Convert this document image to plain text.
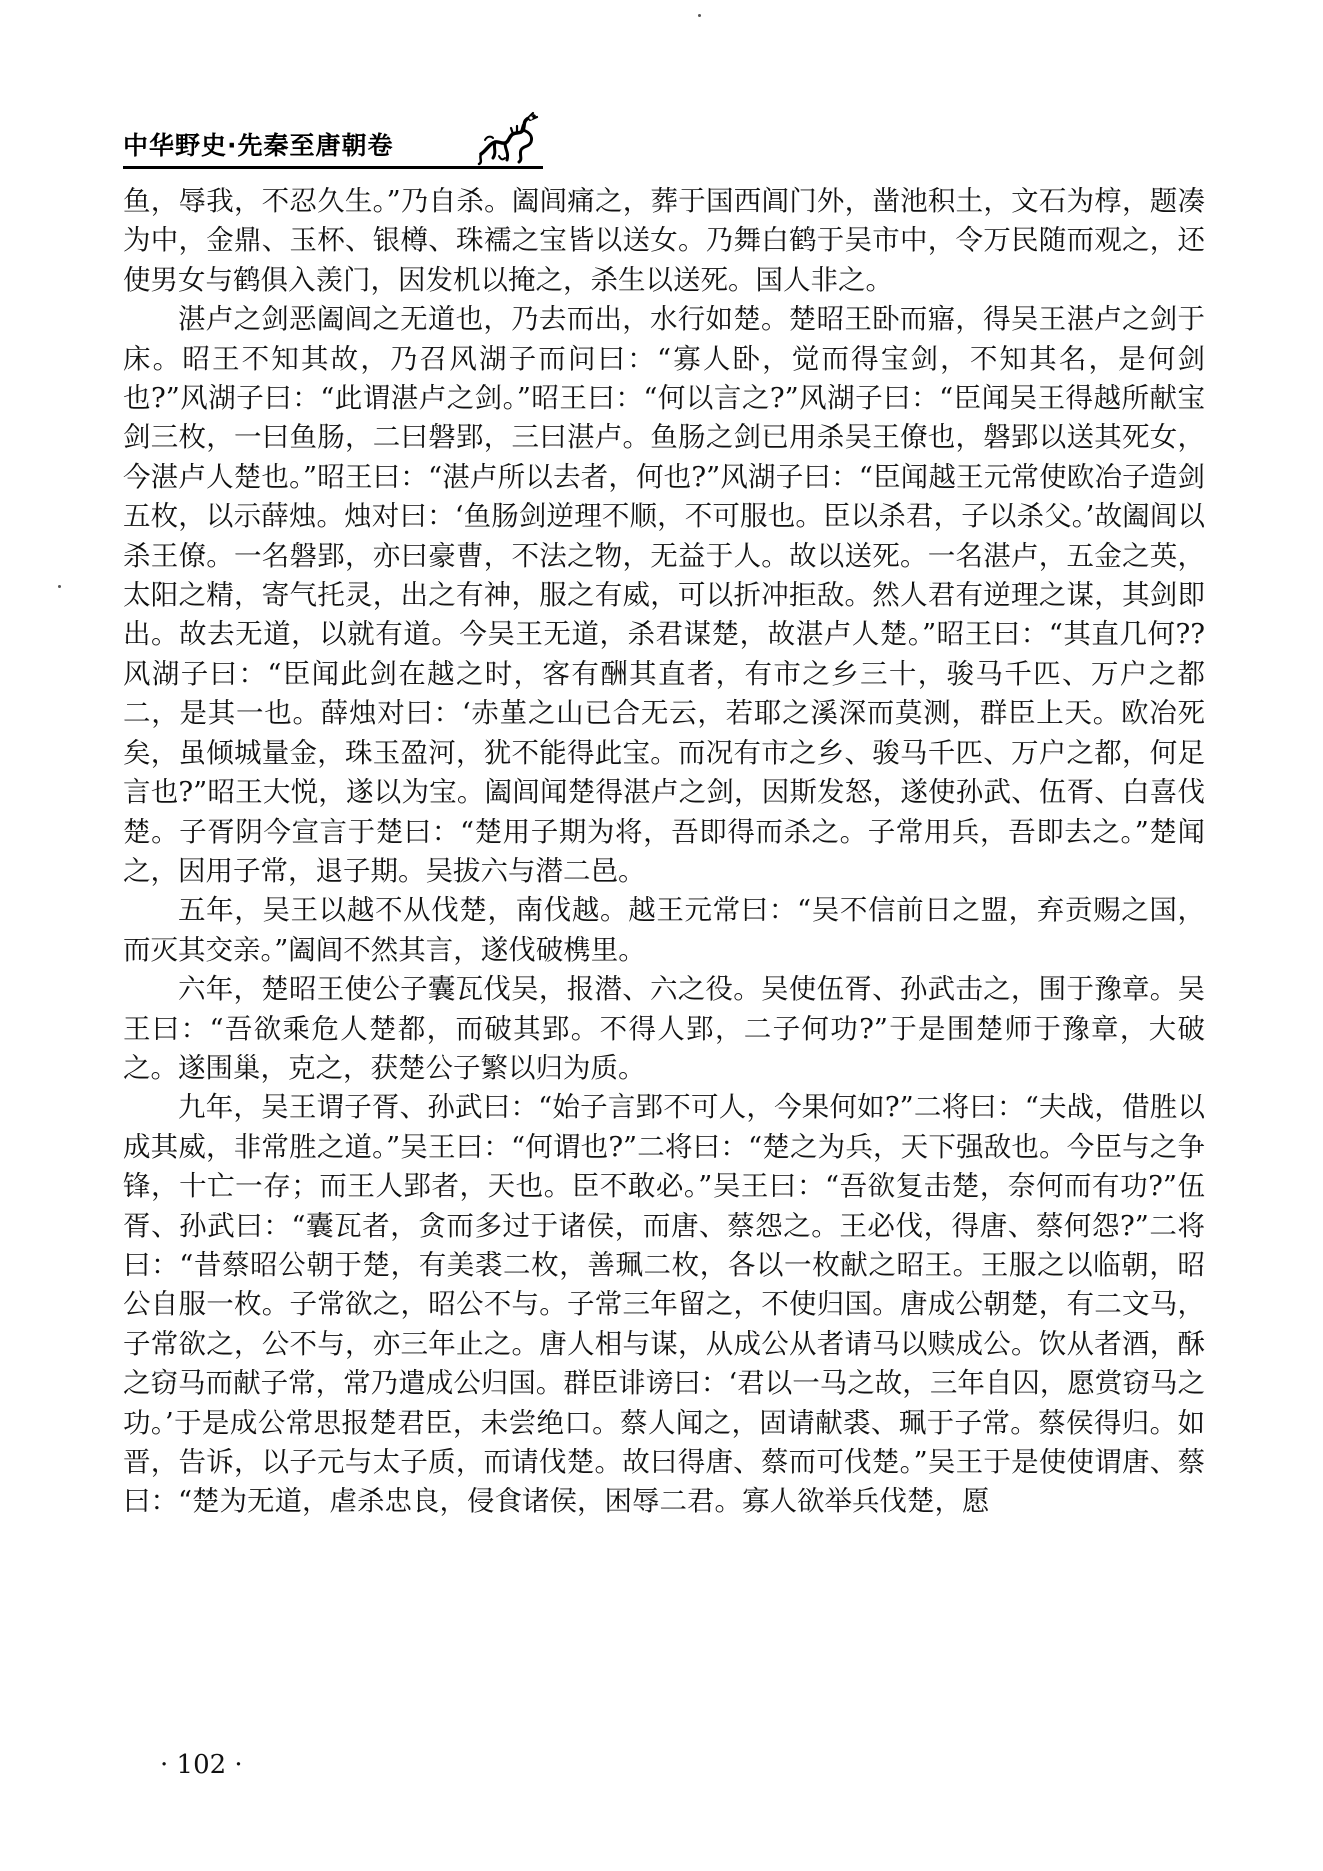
中华野史·先秦至唐朝卷

鱼，辱我，不忍久生。”乃自杀。阖闾痛之，葬于国西阊门外，凿池积土，文石为椁，题凑为中，金鼎、玉杯、银樽、珠襦之宝皆以送女。乃舞白鹤于吴市中，令万民随而观之，还使男女与鹤俱入羡门，因发机以掩之，杀生以送死。国人非之。

湛卢之剑恶阖闾之无道也，乃去而出，水行如楚。楚昭王卧而寤，得吴王湛卢之剑于床。昭王不知其故，乃召风湖子而问曰：“寡人卧，觉而得宝剑，不知其名，是何剑也?”风湖子曰：“此谓湛卢之剑。”昭王曰：“何以言之?”风湖子曰：“臣闻吴王得越所献宝剑三枚，一曰鱼肠，二曰磐郢，三曰湛卢。鱼肠之剑已用杀吴王僚也，磐郢以送其死女，今湛卢人楚也。”昭王曰：“湛卢所以去者，何也?”风湖子曰：“臣闻越王元常使欧冶子造剑五枚，以示薛烛。烛对曰：‘鱼肠剑逆理不顺，不可服也。臣以杀君，子以杀父。’故阖闾以杀王僚。一名磐郢，亦曰豪曹，不法之物，无益于人。故以送死。一名湛卢，五金之英，太阳之精，寄气托灵，出之有神，服之有威，可以折冲拒敌。然人君有逆理之谋，其剑即出。故去无道，以就有道。今吴王无道，杀君谋楚，故湛卢人楚。”昭王曰：“其直几何?? 风湖子曰：“臣闻此剑在越之时，客有酬其直者，有市之乡三十，骏马千匹、万户之都二，是其一也。薛烛对曰：‘赤堇之山已合无云，若耶之溪深而莫测，群臣上天。欧冶死矣，虽倾城量金，珠玉盈河，犹不能得此宝。而况有市之乡、骏马千匹、万户之都，何足言也?”昭王大悦，遂以为宝。阖闾闻楚得湛卢之剑，因斯发怒，遂使孙武、伍胥、白喜伐楚。子胥阴今宣言于楚曰：“楚用子期为将，吾即得而杀之。子常用兵，吾即去之。”楚闻之，因用子常，退子期。吴拔六与潜二邑。

五年，吴王以越不从伐楚，南伐越。越王元常曰：“吴不信前日之盟，弃贡赐之国，而灭其交亲。”阖闾不然其言，遂伐破槜里。

六年，楚昭王使公子囊瓦伐吴，报潜、六之役。吴使伍胥、孙武击之，围于豫章。吴王曰：“吾欲乘危人楚都，而破其郢。不得人郢，二子何功?”于是围楚师于豫章，大破之。遂围巢，克之，获楚公子繁以归为质。

九年，吴王谓子胥、孙武曰：“始子言郢不可人，今果何如?”二将曰：“夫战，借胜以成其威，非常胜之道。”吴王曰：“何谓也?”二将曰：“楚之为兵，天下强敌也。今臣与之争锋，十亡一存；而王人郢者，天也。臣不敢必。”吴王曰：“吾欲复击楚，奈何而有功?”伍胥、孙武曰：“囊瓦者，贪而多过于诸侯，而唐、蔡怨之。王必伐，得唐、蔡何怨?”二将曰：“昔蔡昭公朝于楚，有美裘二枚，善珮二枚，各以一枚献之昭王。王服之以临朝，昭公自服一枚。子常欲之，昭公不与。子常三年留之，不使归国。唐成公朝楚，有二文马，子常欲之，公不与，亦三年止之。唐人相与谋，从成公从者请马以赎成公。饮从者酒，酥之窃马而献子常，常乃遣成公归国。群臣诽谤曰：‘君以一马之故，三年自囚，愿赏窃马之功。’于是成公常思报楚君臣，未尝绝口。蔡人闻之，固请献裘、珮于子常。蔡侯得归。如晋，告诉，以子元与太子质，而请伐楚。故曰得唐、蔡而可伐楚。”吴王于是使使谓唐、蔡曰：“楚为无道，虐杀忠良，侵食诸侯，困辱二君。寡人欲举兵伐楚，愿

· 102 ·
